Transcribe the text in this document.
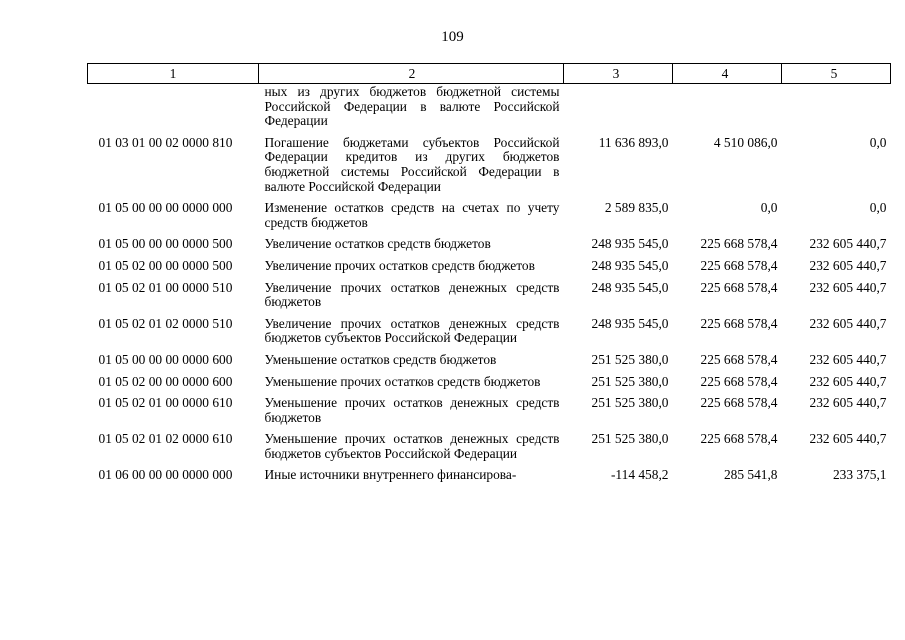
109
1	2	3	4	5
	ных из других бюджетов бюджетной системы Российской Федерации в валюте Российской Федерации			
01 03 01 00 02 0000 810	Погашение бюджетами субъектов Российской Федерации кредитов из других бюджетов бюджетной системы Российской Федерации в валюте Российской Федерации	11 636 893,0	4 510 086,0	0,0
01 05 00 00 00 0000 000	Изменение остатков средств на счетах по учету средств бюджетов	2 589 835,0	0,0	0,0
01 05 00 00 00 0000 500	Увеличение остатков средств бюджетов	248 935 545,0	225 668 578,4	232 605 440,7
01 05 02 00 00 0000 500	Увеличение прочих остатков средств бюджетов	248 935 545,0	225 668 578,4	232 605 440,7
01 05 02 01 00 0000 510	Увеличение прочих остатков денежных средств бюджетов	248 935 545,0	225 668 578,4	232 605 440,7
01 05 02 01 02 0000 510	Увеличение прочих остатков денежных средств бюджетов субъектов Российской Федерации	248 935 545,0	225 668 578,4	232 605 440,7
01 05 00 00 00 0000 600	Уменьшение остатков средств бюджетов	251 525 380,0	225 668 578,4	232 605 440,7
01 05 02 00 00 0000 600	Уменьшение прочих остатков средств бюджетов	251 525 380,0	225 668 578,4	232 605 440,7
01 05 02 01 00 0000 610	Уменьшение прочих остатков денежных средств бюджетов	251 525 380,0	225 668 578,4	232 605 440,7
01 05 02 01 02 0000 610	Уменьшение прочих остатков денежных средств бюджетов субъектов Российской Федерации	251 525 380,0	225 668 578,4	232 605 440,7
01 06 00 00 00 0000 000	Иные источники внутреннего финансирова-	-114 458,2	285 541,8	233 375,1
